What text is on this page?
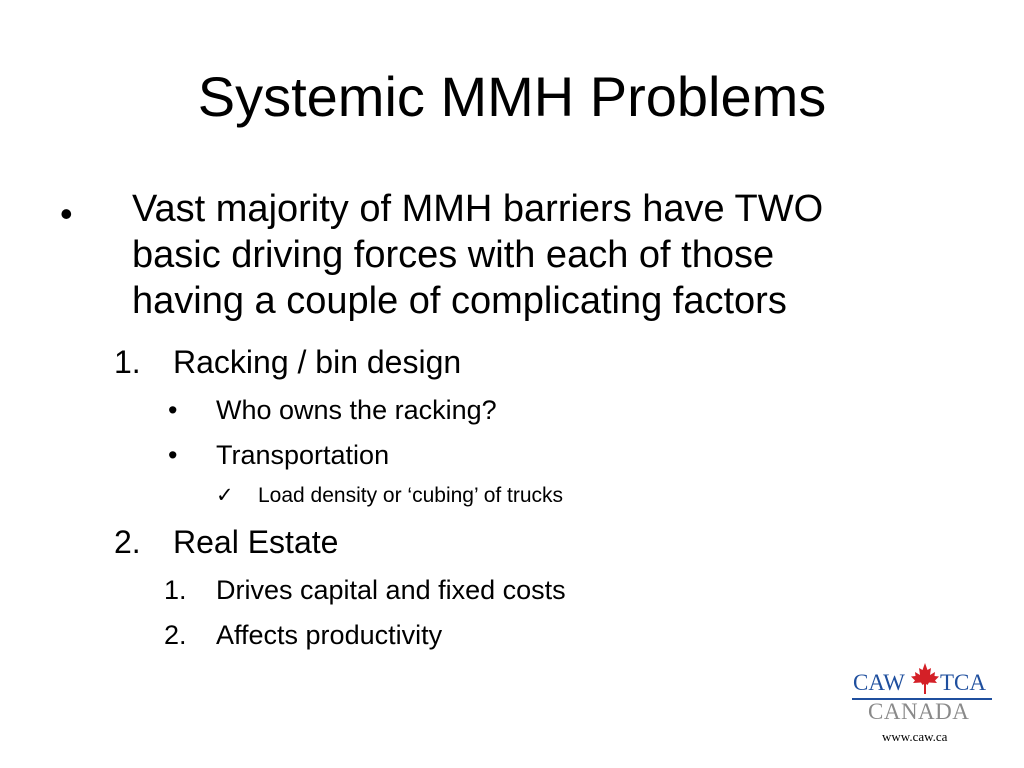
Systemic MMH Problems
• Vast majority of MMH barriers have TWO
basic driving forces with each of those
having a couple of complicating factors
1. Racking / bin design
• Who owns the racking?
• Transportation
✓ Load density or ‘cubing’ of trucks
2. Real Estate
1. Drives capital and fixed costs
2. Affects productivity
CAW TCA
CANADA
www.caw.ca
